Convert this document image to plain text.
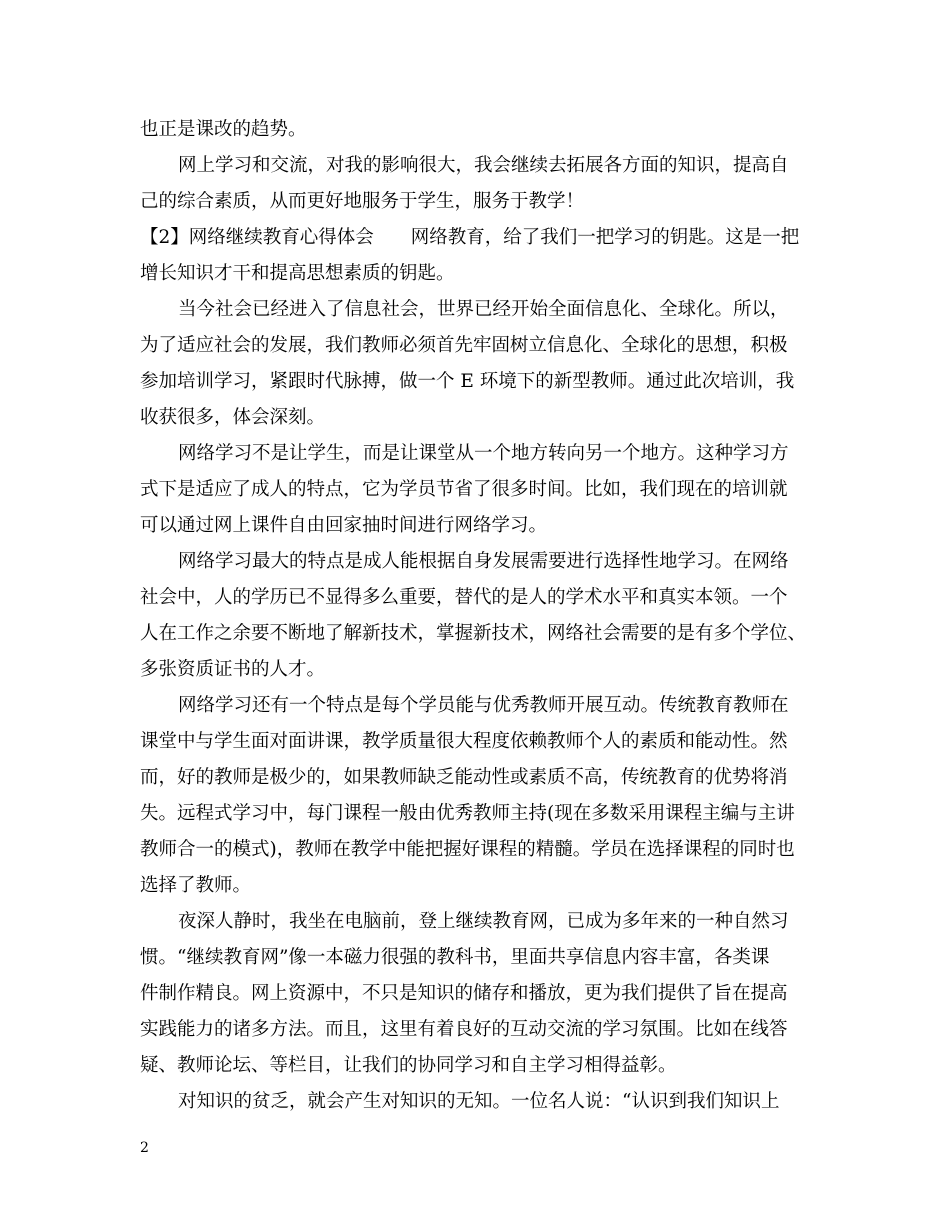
也正是课改的趋势。
网上学习和交流，对我的影响很大，我会继续去拓展各方面的知识，提高自
己的综合素质，从而更好地服务于学生，服务于教学！
【2】网络继续教育心得体会　　网络教育，给了我们一把学习的钥匙。这是一把
增长知识才干和提高思想素质的钥匙。
当今社会已经进入了信息社会，世界已经开始全面信息化、全球化。所以，
为了适应社会的发展，我们教师必须首先牢固树立信息化、全球化的思想，积极
参加培训学习，紧跟时代脉搏，做一个 E 环境下的新型教师。通过此次培训，我
收获很多，体会深刻。
网络学习不是让学生，而是让课堂从一个地方转向另一个地方。这种学习方
式下是适应了成人的特点，它为学员节省了很多时间。比如，我们现在的培训就
可以通过网上课件自由回家抽时间进行网络学习。
网络学习最大的特点是成人能根据自身发展需要进行选择性地学习。在网络
社会中，人的学历已不显得多么重要，替代的是人的学术水平和真实本领。一个
人在工作之余要不断地了解新技术，掌握新技术，网络社会需要的是有多个学位、
多张资质证书的人才。
网络学习还有一个特点是每个学员能与优秀教师开展互动。传统教育教师在
课堂中与学生面对面讲课，教学质量很大程度依赖教师个人的素质和能动性。然
而，好的教师是极少的，如果教师缺乏能动性或素质不高，传统教育的优势将消
失。远程式学习中，每门课程一般由优秀教师主持(现在多数采用课程主编与主讲
教师合一的模式)，教师在教学中能把握好课程的精髓。学员在选择课程的同时也
选择了教师。
夜深人静时，我坐在电脑前，登上继续教育网，已成为多年来的一种自然习
惯。“继续教育网”像一本磁力很强的教科书，里面共享信息内容丰富，各类课
件制作精良。网上资源中，不只是知识的储存和播放，更为我们提供了旨在提高
实践能力的诸多方法。而且，这里有着良好的互动交流的学习氛围。比如在线答
疑、教师论坛、等栏目，让我们的协同学习和自主学习相得益彰。
对知识的贫乏，就会产生对知识的无知。一位名人说：“认识到我们知识上
2
